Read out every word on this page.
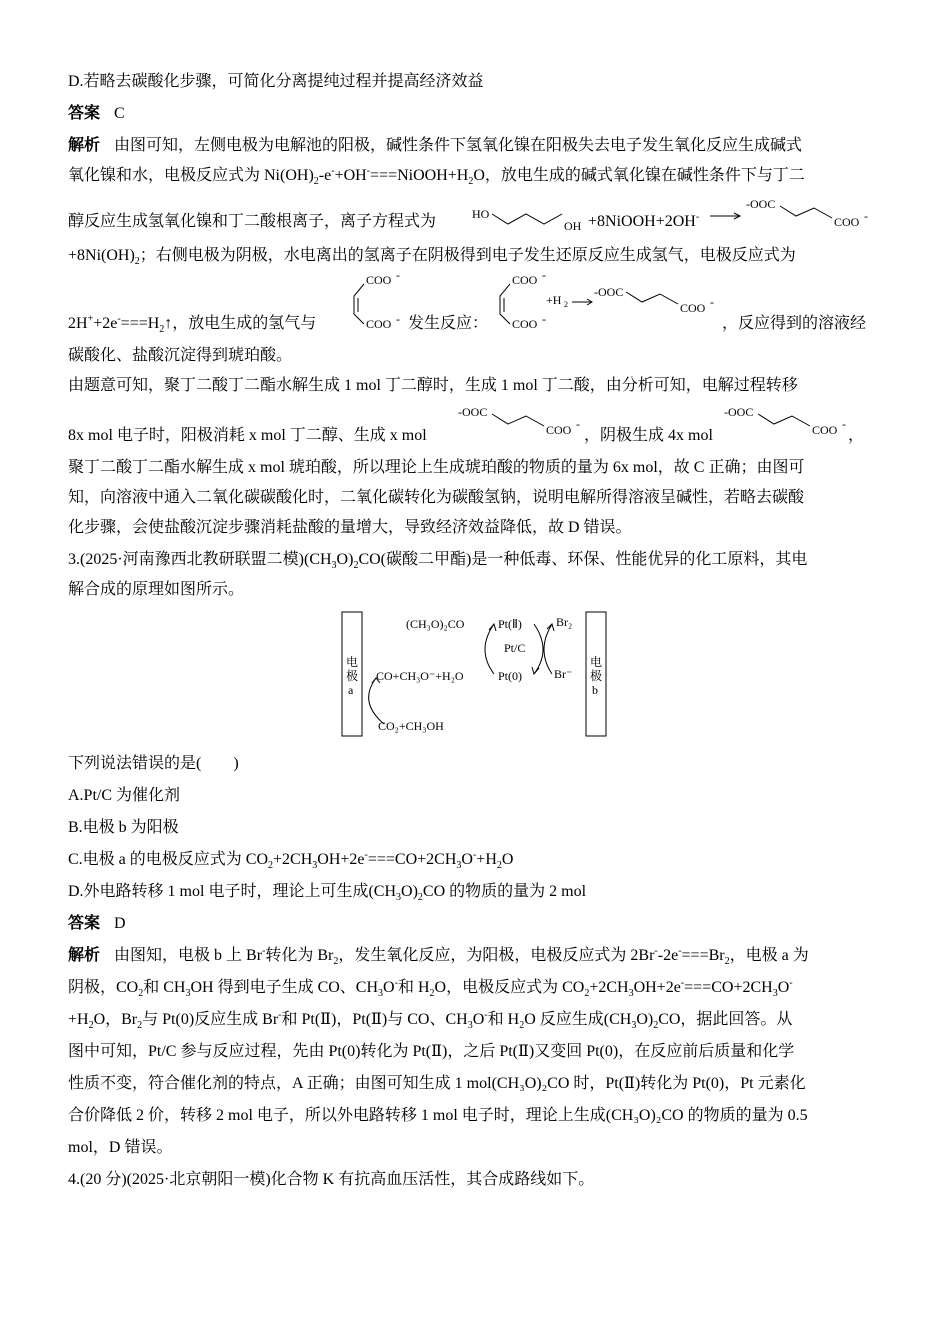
D.若略去碳酸化步骤，可简化分离提纯过程并提高经济效益
答案 C
解析 由图可知，左侧电极为电解池的阳极，碱性条件下氢氧化镍在阳极失去电子发生氧化反应生成碱式
氧化镍和水，电极反应式为 $Ni(OH)_2-e^-+OH^-===NiOOH+H_2O$，放电生成的碱式氧化镍在碱性条件下与丁二
醇反应生成氢氧化镍和丁二酸根离子，离子方程式为	HO
OH +8NiOOH+2OH-
-OOC
COO -
$+8Ni(OH)_2$；右侧电极为阴极，水电离出的氢离子在阴极得到电子发生还原反应生成氢气，电极反应式为
$2H^++2e^-===H_2↑$，放电生成的氢气与
COO -
COO - 发生反应：
COO -
COO -
+H 2
-OOC
COO -
，反应得到的溶液经
碳酸化、盐酸沉淀得到琥珀酸。
由题意可知，聚丁二酸丁二酯水解生成 1 mol 丁二醇时，生成 1 mol 丁二酸，由分析可知，电解过程转移
8x mol 电子时，阳极消耗 x mol 丁二醇、生成 x mol
-OOC
COO -
，阴极生成 4x mol
-OOC
COO -
，
聚丁二酸丁二酯水解生成 x mol 琥珀酸，所以理论上生成琥珀酸的物质的量为 6x mol，故 C 正确；由图可
知，向溶液中通入二氧化碳碳酸化时，二氧化碳转化为碳酸氢钠，说明电解所得溶液呈碱性，若略去碳酸
化步骤，会使盐酸沉淀步骤消耗盐酸的量增大，导致经济效益降低，故 D 错误。
3.(2025·河南豫西北教研联盟二模)$(CH_3O)_2CO$(碳酸二甲酯)是一种低毒、环保、性能优异的化工原料，其电
解合成的原理如图所示。
电
极
a
电
极
b
(CH₃O)₂CO	Pt(Ⅱ)
Pt/C
Pt(0)
Br₂
Br⁻
CO+CH₃O⁻+H₂O
CO₂+CH₃OH
下列说法错误的是(　　)
A.Pt/C 为催化剂
B.电极 b 为阳极
C.电极 a 的电极反应式为 $CO_2+2CH_3OH+2e^-===CO+2CH_3O^-+H_2O$
D.外电路转移 1 mol 电子时，理论上可生成$(CH_3O)_2CO$ 的物质的量为 2 mol
答案 D
解析 由图知，电极 b 上 Br-转化为 $Br_2$，发生氧化反应，为阳极，电极反应式为 $2Br^--2e^-===Br_2$，电极 a 为
阴极，$CO_2$和 $CH_3OH$ 得到电子生成 CO、$CH_3O^-$和 $H_2O$，电极反应式为 $CO_2+2CH_3OH+2e^-===CO+2CH_3O^-$
$+H_2O$，$Br_2$与 Pt(0)反应生成 Br-和 Pt(Ⅱ)，Pt(Ⅱ)与 CO、$CH_3O^-$和 $H_2O$ 反应生成$(CH_3O)_2CO$，据此回答。从
图中可知，Pt/C 参与反应过程，先由 Pt(0)转化为 Pt(Ⅱ)，之后 Pt(Ⅱ)又变回 Pt(0)，在反应前后质量和化学
性质不变，符合催化剂的特点，A 正确；由图可知生成 1 mol(CH₃O)₂CO 时，Pt(Ⅱ)转化为 Pt(0)，Pt 元素化
合价降低 2 价，转移 2 mol 电子，所以外电路转移 1 mol 电子时，理论上生成(CH₃O)₂CO 的物质的量为 0.5
mol，D 错误。
4.(20 分)(2025·北京朝阳一模)化合物 K 有抗高血压活性，其合成路线如下。
